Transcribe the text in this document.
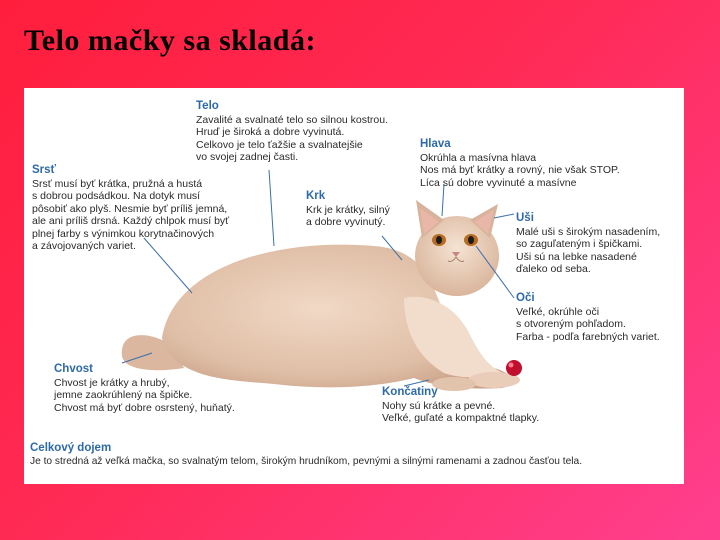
Telo mačky sa skladá:
Telo
Zavalité a svalnaté telo so silnou kostrou.
Hruď je široká a dobre vyvinutá.
Celkovo je telo ťažšie a svalnatejšie
vo svojej zadnej časti.
Srsť
Srsť musí byť krátka, pružná a hustá
s dobrou podsádkou. Na dotyk musí
pôsobiť ako plyš. Nesmie byť príliš jemná,
ale ani príliš drsná. Každý chlpok musí byť
plnej farby s výnimkou korytnačinových
a závojovaných variet.
Hlava
Okrúhla a masívna hlava
Nos má byť krátky a rovný, nie však STOP.
Líca sú dobre vyvinuté a masívne
Krk
Krk je krátky, silný
a dobre vyvinutý.	Uši
Malé uši s širokým nasadením,
so zaguľateným i špičkami.
Uši sú na lebke nasadené
ďaleko od seba.
Oči
Veľké, okrúhle oči
s otvoreným pohľadom.
Farba - podľa farebných variet.
Chvost
Chvost je krátky a hrubý,
jemne zaokrúhlený na špičke.
Chvost má byť dobre osrstený, huňatý.
Končatiny
Nohy sú krátke a pevné.
Veľké, guľaté a kompaktné tlapky.
Celkový dojem
Je to stredná až veľká mačka, so svalnatým telom, širokým hrudníkom, pevnými a silnými ramenami a zadnou časťou tela.
